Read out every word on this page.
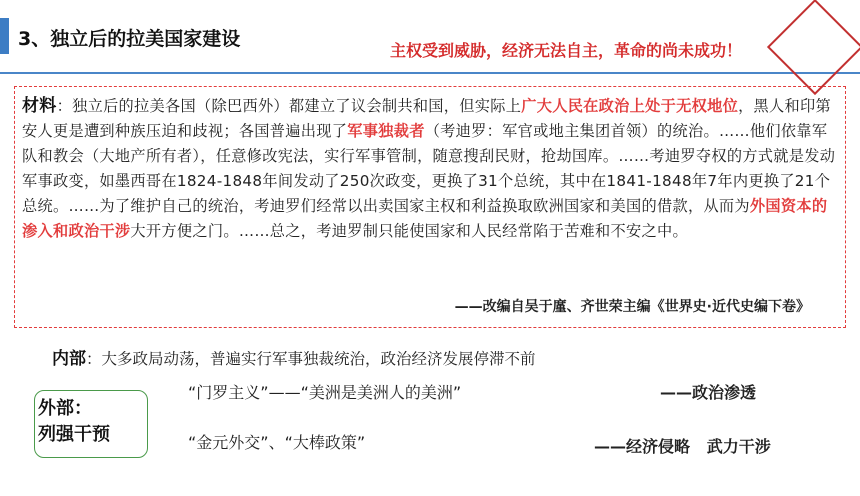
3、独立后的拉美国家建设
主权受到威胁，经济无法自主，革命的尚未成功！
材料：独立后的拉美各国（除巴西外）都建立了议会制共和国，但实际上广大人民在政治上处于无权地位，黑人和印第安人更是遭到种族压迫和歧视；各国普遍出现了军事独裁者（考迪罗：军官或地主集团首领）的统治。……他们依靠军队和教会（大地产所有者），任意修改宪法，实行军事管制，随意搜刮民财，抢劫国库。……考迪罗夺权的方式就是发动军事政变，如墨西哥在1824-1848年间发动了250次政变，更换了31个总统，其中在1841-1848年7年内更换了21个总统。……为了维护自己的统治，考迪罗们经常以出卖国家主权和利益换取欧洲国家和美国的借款，从而为外国资本的渗入和政治干涉大开方便之门。……总之，考迪罗制只能使国家和人民经常陷于苦难和不安之中。
——改编自吴于廑、齐世荣主编《世界史·近代史编下卷》
内部：大多政局动荡，普遍实行军事独裁统治，政治经济发展停滞不前
外部：
列强干预
“门罗主义”——“美洲是美洲人的美洲”	——政治渗透
“金元外交”、“大棒政策”	——经济侵略   武力干涉
